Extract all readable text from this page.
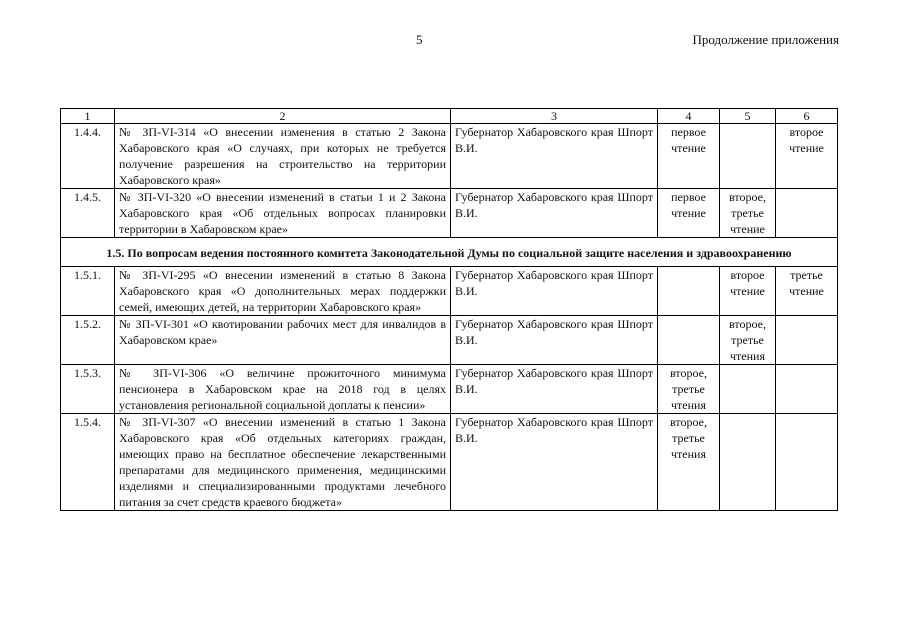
5	Продолжение приложения
1	2	3	4	5	6
1.4.4.	№ ЗП-VI-314 «О внесении изменения в статью 2 Закона Хабаровского края «О случаях, при которых не требуется получение разрешения на строительство на территории Хабаровского края»	Губернатор Хабаровского края Шпорт В.И.	первое чтение		второе чтение
1.4.5.	№ ЗП-VI-320 «О внесении изменений в статьи 1 и 2 Закона Хабаровского края «Об отдельных вопросах планировки территории в Хабаровском крае»	Губернатор Хабаровского края Шпорт В.И.	первое чтение	второе, третье чтение	
1.5. По вопросам ведения постоянного комитета Законодательной Думы по социальной защите населения и здравоохранению					
1.5.1.	№ ЗП-VI-295 «О внесении изменений в статью 8 Закона Хабаровского края «О дополнительных мерах поддержки семей, имеющих детей, на территории Хабаровского края»	Губернатор Хабаровского края Шпорт В.И.		второе чтение	третье чтение
1.5.2.	№ ЗП-VI-301 «О квотировании рабочих мест для инвалидов в Хабаровском крае»	Губернатор Хабаровского края Шпорт В.И.		второе, третье чтения	
1.5.3.	№ ЗП-VI-306 «О величине прожиточного минимума пенсионера в Хабаровском крае на 2018 год в целях установления региональной социальной доплаты к пенсии»	Губернатор Хабаровского края Шпорт В.И.	второе, третье чтения		
1.5.4.	№ ЗП-VI-307 «О внесении изменений в статью 1 Закона Хабаровского края «Об отдельных категориях граждан, имеющих право на бесплатное обеспечение лекарственными препаратами для медицинского применения, медицинскими изделиями и специализированными продуктами лечебного питания за счет средств краевого бюджета»	Губернатор Хабаровского края Шпорт В.И.	второе, третье чтения		
